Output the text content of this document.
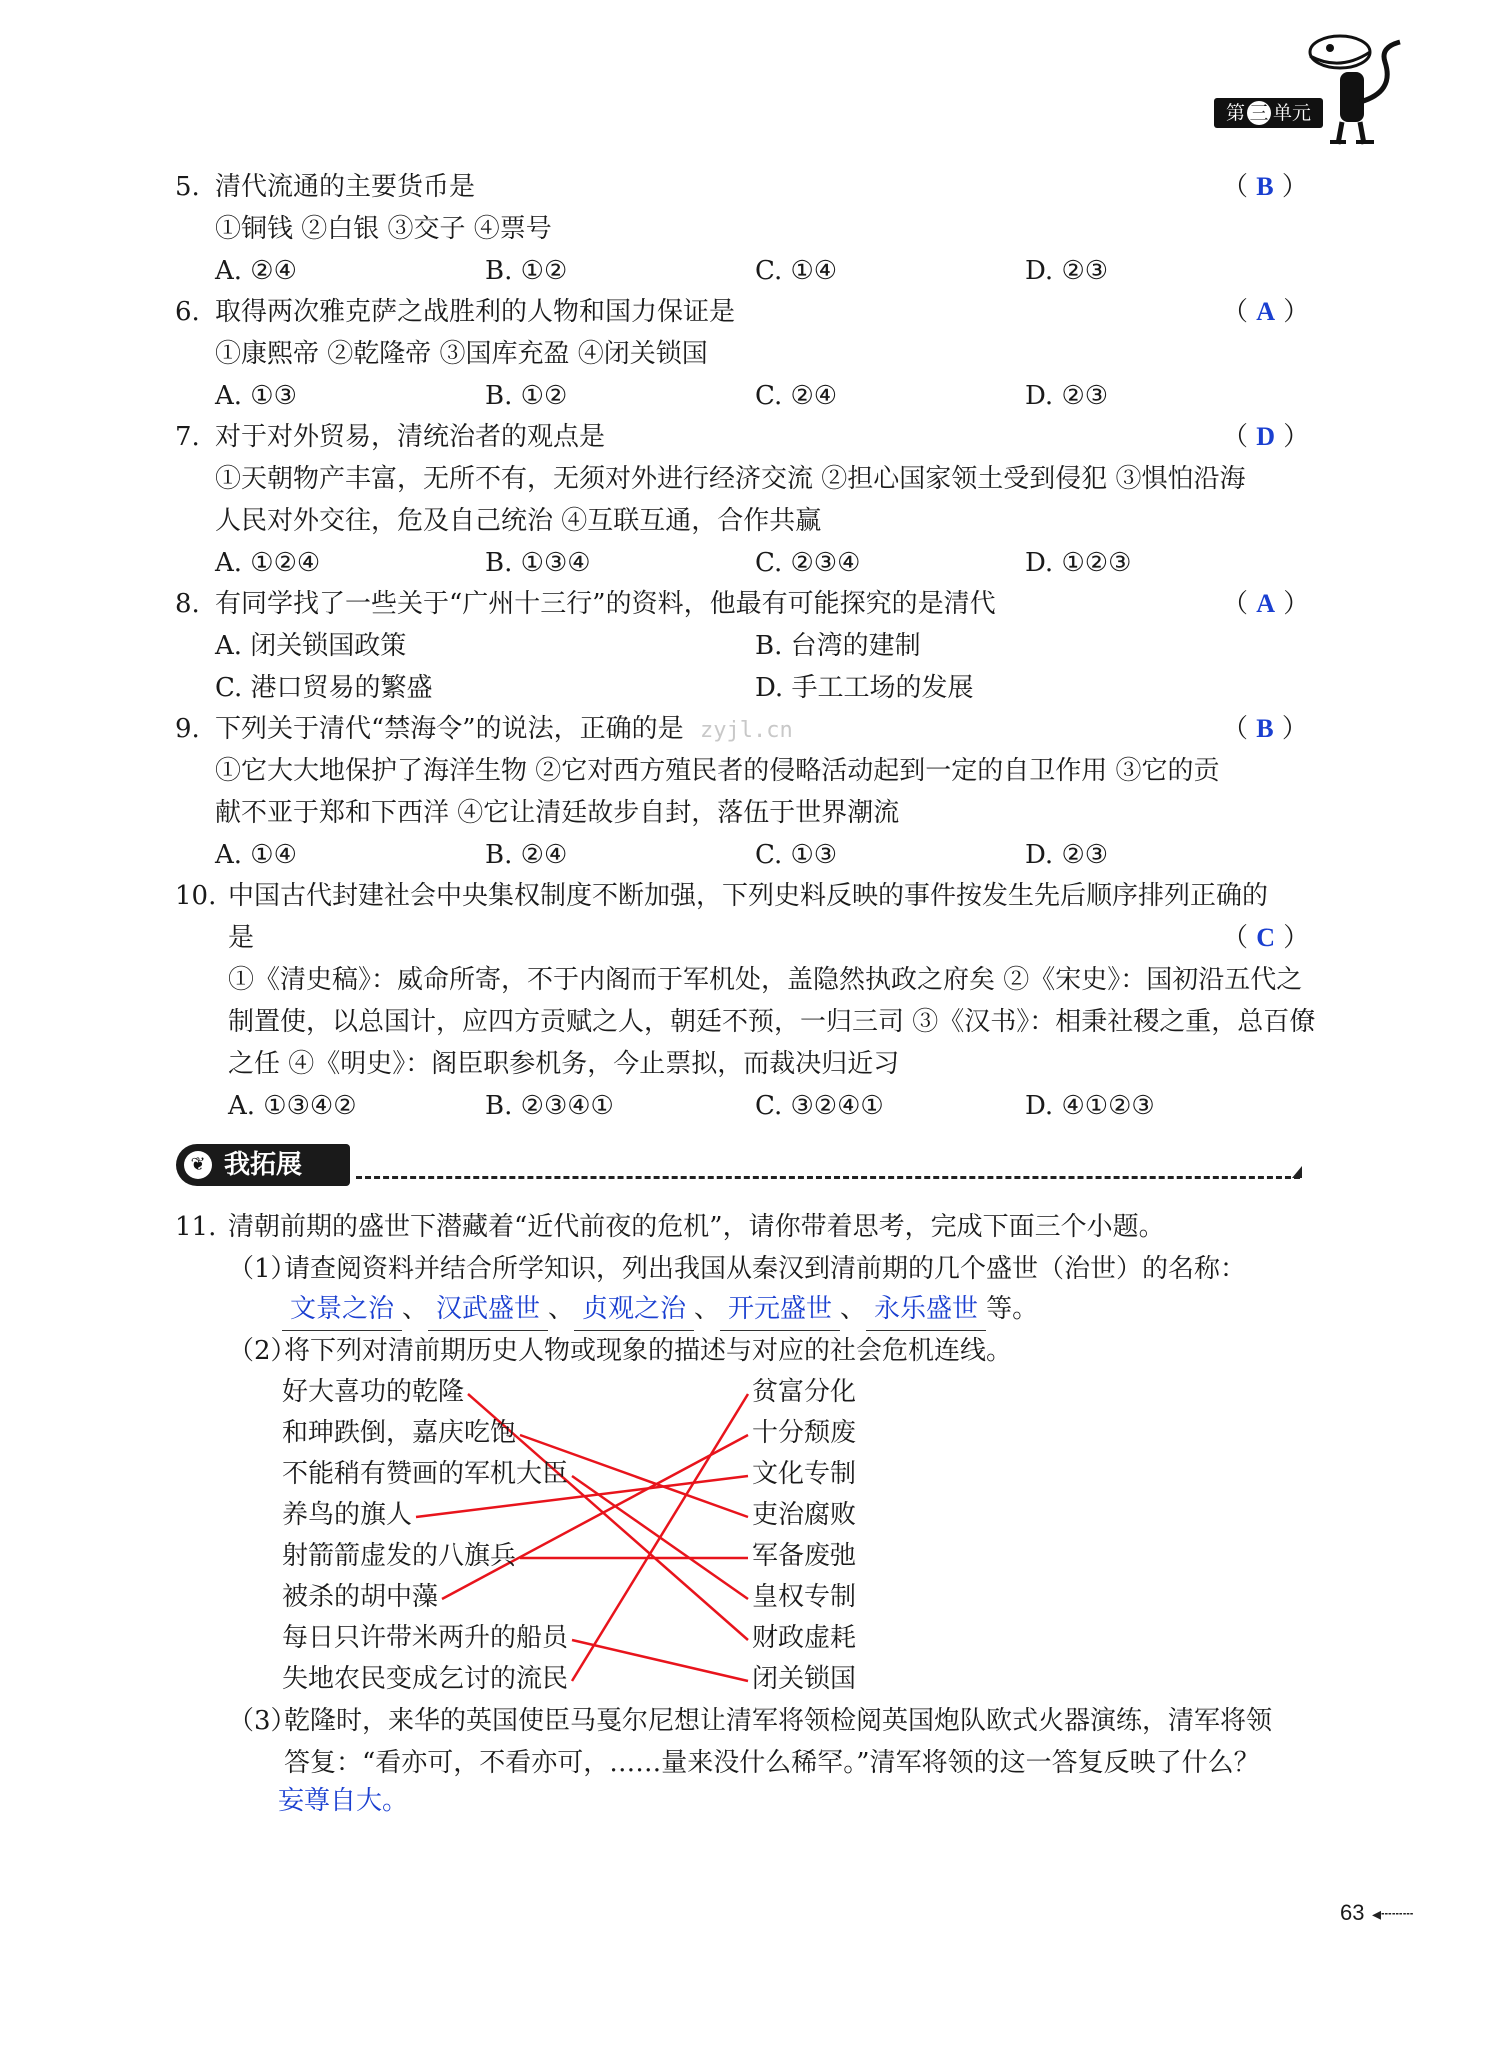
第 三 单元
5. 清代流通的主要货币是	（ B ）
①铜钱 ②白银 ③交子 ④票号
A. ②④	B. ①②	C. ①④	D. ②③
6. 取得两次雅克萨之战胜利的人物和国力保证是	（ A ）
①康熙帝 ②乾隆帝 ③国库充盈 ④闭关锁国
A. ①③	B. ①②	C. ②④	D. ②③
7. 对于对外贸易，清统治者的观点是	（ D ）
①天朝物产丰富，无所不有，无须对外进行经济交流 ②担心国家领土受到侵犯 ③惧怕沿海
人民对外交往，危及自己统治 ④互联互通，合作共赢
A. ①②④	B. ①③④	C. ②③④	D. ①②③
8. 有同学找了一些关于“广州十三行”的资料，他最有可能探究的是清代	（ A ）
A. 闭关锁国政策	B. 台湾的建制
C. 港口贸易的繁盛	D. 手工工场的发展
9. 下列关于清代“禁海令”的说法，正确的是 zyjl.cn	（ B ）
①它大大地保护了海洋生物 ②它对西方殖民者的侵略活动起到一定的自卫作用 ③它的贡
献不亚于郑和下西洋 ④它让清廷故步自封，落伍于世界潮流
A. ①④	B. ②④	C. ①③	D. ②③
10. 中国古代封建社会中央集权制度不断加强，下列史料反映的事件按发生先后顺序排列正确的
是	（ C ）
①《清史稿》：威命所寄，不于内阁而于军机处，盖隐然执政之府矣 ②《宋史》：国初沿五代之
制置使，以总国计，应四方贡赋之人，朝廷不预，一归三司 ③《汉书》：相秉社稷之重，总百僚
之任 ④《明史》：阁臣职参机务，今止票拟，而裁决归近习
A. ①③④②	B. ②③④①	C. ③②④①	D. ④①②③
❦ 我拓展
11. 清朝前期的盛世下潜藏着“近代前夜的危机”，请你带着思考，完成下面三个小题。
（1）
请查阅资料并结合所学知识，列出我国从秦汉到清前期的几个盛世（治世）的名称：
文景之治 、 汉武盛世 、 贞观之治 、 开元盛世 、 永乐盛世 等。
（2）
将下列对清前期历史人物或现象的描述与对应的社会危机连线。
好大喜功的乾隆
和珅跌倒，嘉庆吃饱
不能稍有赞画的军机大臣
养鸟的旗人
射箭箭虚发的八旗兵
被杀的胡中藻
每日只许带米两升的船员
失地农民变成乞讨的流民
贫富分化
十分颓废
文化专制
吏治腐败
军备废弛
皇权专制
财政虚耗
闭关锁国
（3）
乾隆时，来华的英国使臣马戛尔尼想让清军将领检阅英国炮队欧式火器演练，清军将领
答复：“看亦可，不看亦可，……量来没什么稀罕。”清军将领的这一答复反映了什么？
妄尊自大。
63 ◂┄┄┄
